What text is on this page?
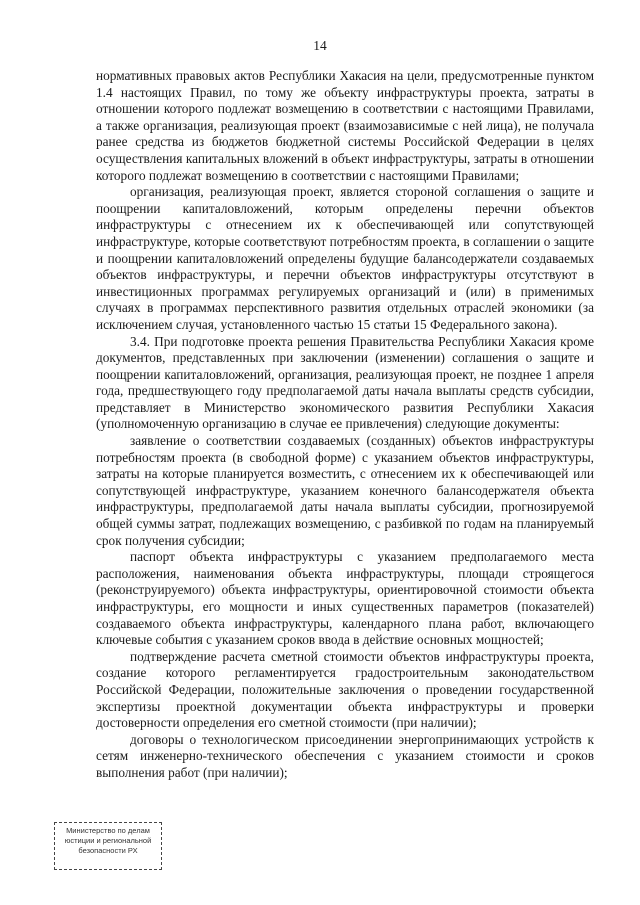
14

нормативных правовых актов Республики Хакасия на цели, предусмотренные пунктом 1.4 настоящих Правил, по тому же объекту инфраструктуры проекта, затраты в отношении которого подлежат возмещению в соответствии с настоящими Правилами, а также организация, реализующая проект (взаимозависимые с ней лица), не получала ранее средства из бюджетов бюджетной системы Российской Федерации в целях осуществления капитальных вложений в объект инфраструктуры, затраты в отношении которого подлежат возмещению в соответствии с настоящими Правилами;

организация, реализующая проект, является стороной соглашения о защите и поощрении капиталовложений, которым определены перечни объектов инфраструктуры с отнесением их к обеспечивающей или сопутствующей инфраструктуре, которые соответствуют потребностям проекта, в соглашении о защите и поощрении капиталовложений определены будущие балансодержатели создаваемых объектов инфраструктуры, и перечни объектов инфраструктуры отсутствуют в инвестиционных программах регулируемых организаций и (или) в применимых случаях в программах перспективного развития отдельных отраслей экономики (за исключением случая, установленного частью 15 статьи 15 Федерального закона).

3.4. При подготовке проекта решения Правительства Республики Хакасия кроме документов, представленных при заключении (изменении) соглашения о защите и поощрении капиталовложений, организация, реализующая проект, не позднее 1 апреля года, предшествующего году предполагаемой даты начала выплаты средств субсидии, представляет в Министерство экономического развития Республики Хакасия (уполномоченную организацию в случае ее привлечения) следующие документы:

заявление о соответствии создаваемых (созданных) объектов инфраструктуры потребностям проекта (в свободной форме) с указанием объектов инфраструктуры, затраты на которые планируется возместить, с отнесением их к обеспечивающей или сопутствующей инфраструктуре, указанием конечного балансодержателя объекта инфраструктуры, предполагаемой даты начала выплаты субсидии, прогнозируемой общей суммы затрат, подлежащих возмещению, с разбивкой по годам на планируемый срок получения субсидии;

паспорт объекта инфраструктуры с указанием предполагаемого места расположения, наименования объекта инфраструктуры, площади строящегося (реконструируемого) объекта инфраструктуры, ориентировочной стоимости объекта инфраструктуры, его мощности и иных существенных параметров (показателей) создаваемого объекта инфраструктуры, календарного плана работ, включающего ключевые события с указанием сроков ввода в действие основных мощностей;

подтверждение расчета сметной стоимости объектов инфраструктуры проекта, создание которого регламентируется градостроительным законодательством Российской Федерации, положительные заключения о проведении государственной экспертизы проектной документации объекта инфраструктуры и проверки достоверности определения его сметной стоимости (при наличии);

договоры о технологическом присоединении энергопринимающих устройств к сетям инженерно-технического обеспечения с указанием стоимости и сроков выполнения работ (при наличии);

Министерство по делам
юстиции и региональной
безопасности РХ
